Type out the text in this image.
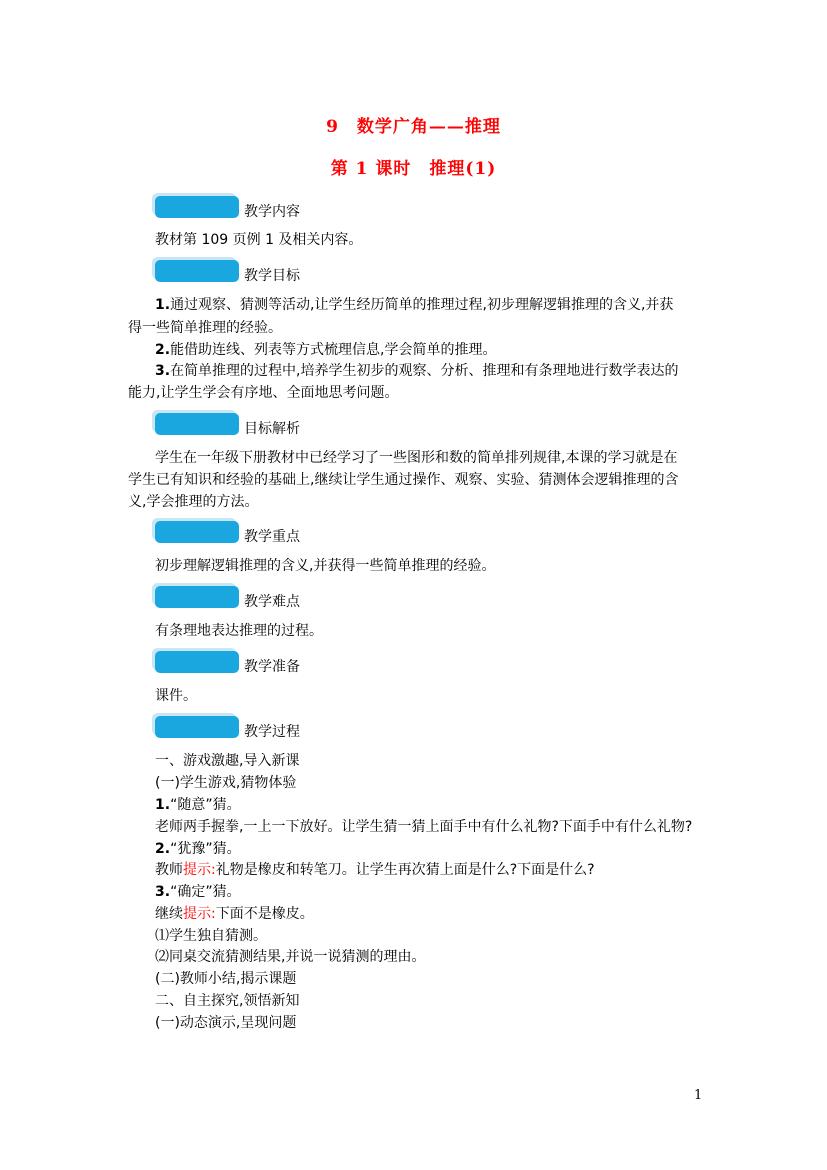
9　数学广角——推理
第 1 课时　推理(1)
教学内容
教材第 109 页例 1 及相关内容。
教学目标
1.通过观察、猜测等活动,让学生经历简单的推理过程,初步理解逻辑推理的含义,并获
得一些简单推理的经验。
2.能借助连线、列表等方式梳理信息,学会简单的推理。
3.在简单推理的过程中,培养学生初步的观察、分析、推理和有条理地进行数学表达的
能力,让学生学会有序地、全面地思考问题。
目标解析
学生在一年级下册教材中已经学习了一些图形和数的简单排列规律,本课的学习就是在
学生已有知识和经验的基础上,继续让学生通过操作、观察、实验、猜测体会逻辑推理的含
义,学会推理的方法。
教学重点
初步理解逻辑推理的含义,并获得一些简单推理的经验。
教学难点
有条理地表达推理的过程。
教学准备
课件。
教学过程
一、游戏激趣,导入新课
(一)学生游戏,猜物体验
1.“随意”猜。
老师两手握拳,一上一下放好。让学生猜一猜上面手中有什么礼物?下面手中有什么礼物?
2.“犹豫”猜。
教师提示:礼物是橡皮和转笔刀。让学生再次猜上面是什么?下面是什么?
3.“确定”猜。
继续提示:下面不是橡皮。
⑴学生独自猜测。
⑵同桌交流猜测结果,并说一说猜测的理由。
(二)教师小结,揭示课题
二、自主探究,领悟新知
(一)动态演示,呈现问题
1
